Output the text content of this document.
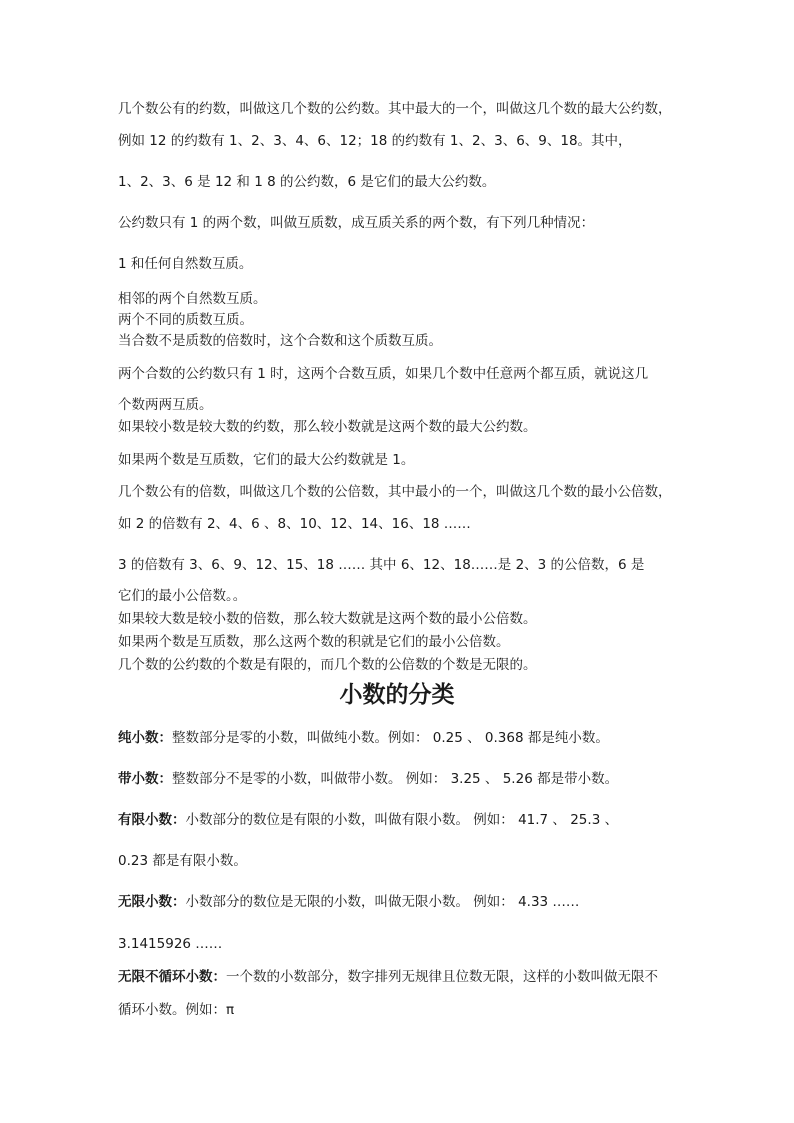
几个数公有的约数，叫做这几个数的公约数。其中最大的一个，叫做这几个数的最大公约数，
例如 12 的约数有 1、2、3、4、6、12；18 的约数有 1、2、3、6、9、18。其中，
1、2、3、6 是 12 和 1 8 的公约数，6 是它们的最大公约数。
公约数只有 1 的两个数，叫做互质数，成互质关系的两个数，有下列几种情况：
1 和任何自然数互质。
相邻的两个自然数互质。
两个不同的质数互质。
当合数不是质数的倍数时，这个合数和这个质数互质。
两个合数的公约数只有 1 时，这两个合数互质，如果几个数中任意两个都互质，就说这几
个数两两互质。
如果较小数是较大数的约数，那么较小数就是这两个数的最大公约数。
如果两个数是互质数，它们的最大公约数就是 1。
几个数公有的倍数，叫做这几个数的公倍数，其中最小的一个，叫做这几个数的最小公倍数，
如 2 的倍数有 2、4、6 、8、10、12、14、16、18 ……
3 的倍数有 3、6、9、12、15、18 …… 其中 6、12、18……是 2、3 的公倍数，6 是
它们的最小公倍数。。
如果较大数是较小数的倍数，那么较大数就是这两个数的最小公倍数。
如果两个数是互质数，那么这两个数的积就是它们的最小公倍数。
几个数的公约数的个数是有限的，而几个数的公倍数的个数是无限的。
小数的分类
纯小数：整数部分是零的小数，叫做纯小数。例如： 0.25 、 0.368 都是纯小数。
带小数：整数部分不是零的小数，叫做带小数。 例如： 3.25 、 5.26 都是带小数。
有限小数：小数部分的数位是有限的小数，叫做有限小数。 例如： 41.7 、 25.3 、
0.23 都是有限小数。
无限小数：小数部分的数位是无限的小数，叫做无限小数。 例如： 4.33 ……
3.1415926 ……
无限不循环小数：一个数的小数部分，数字排列无规律且位数无限，这样的小数叫做无限不
循环小数。例如：π
